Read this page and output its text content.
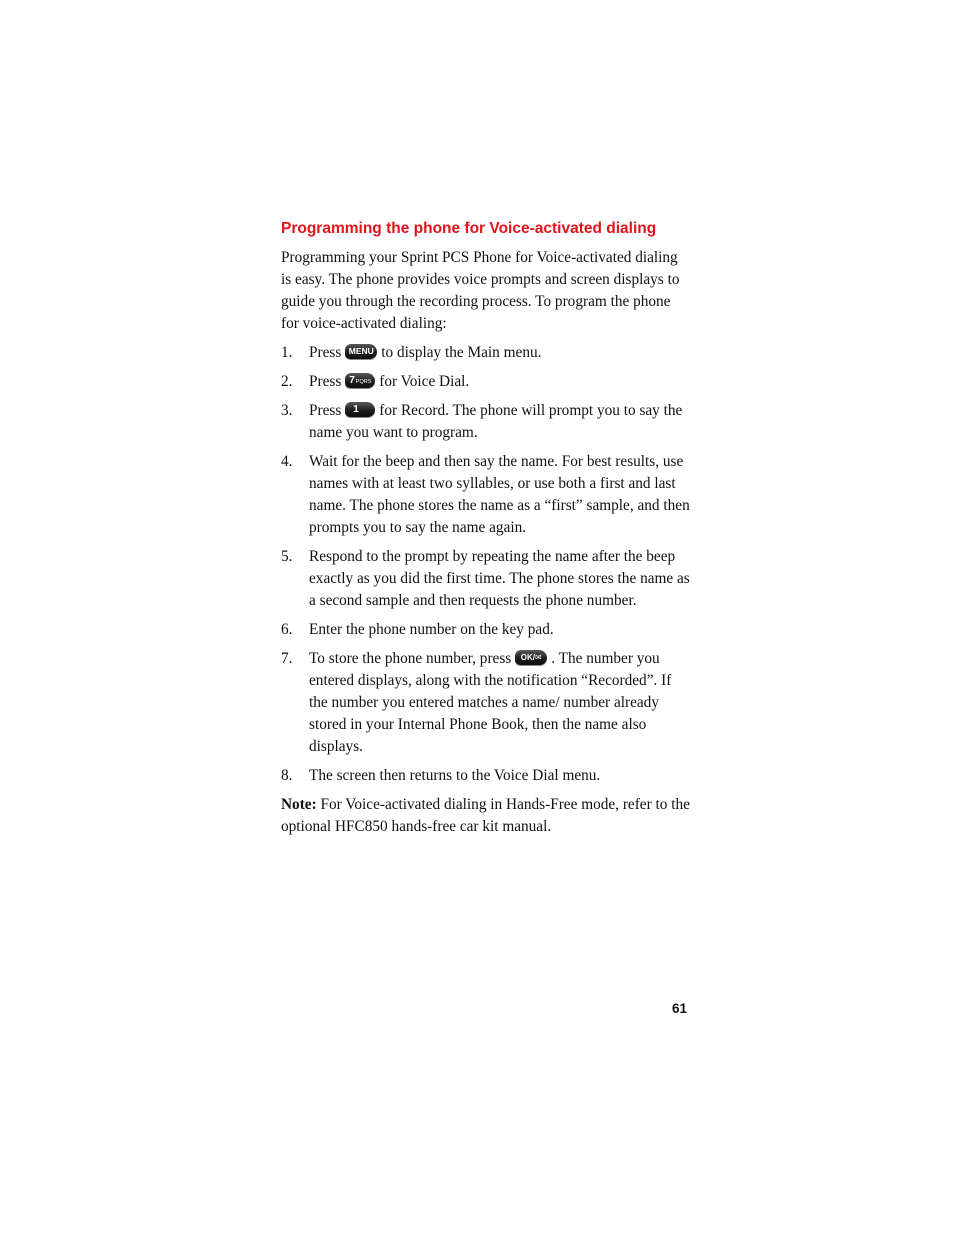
Programming the phone for Voice-activated dialing

Programming your Sprint PCS Phone for Voice-activated dialing is easy. The phone provides voice prompts and screen displays to guide you through the recording process. To program the phone for voice-activated dialing:

1. Press MENU to display the Main menu.
2. Press 7PQRS for Voice Dial.
3. Press 1 for Record. The phone will prompt you to say the name you want to program.
4. Wait for the beep and then say the name. For best results, use names with at least two syllables, or use both a first and last name. The phone stores the name as a “first” sample, and then prompts you to say the name again.
5. Respond to the prompt by repeating the name after the beep exactly as you did the first time. The phone stores the name as a second sample and then requests the phone number.
6. Enter the phone number on the key pad.
7. To store the phone number, press OK/✉ . The number you entered displays, along with the notification “Recorded”. If the number you entered matches a name/ number already stored in your Internal Phone Book, then the name also displays.
8. The screen then returns to the Voice Dial menu.

Note: For Voice-activated dialing in Hands-Free mode, refer to the optional HFC850 hands-free car kit manual.

61
